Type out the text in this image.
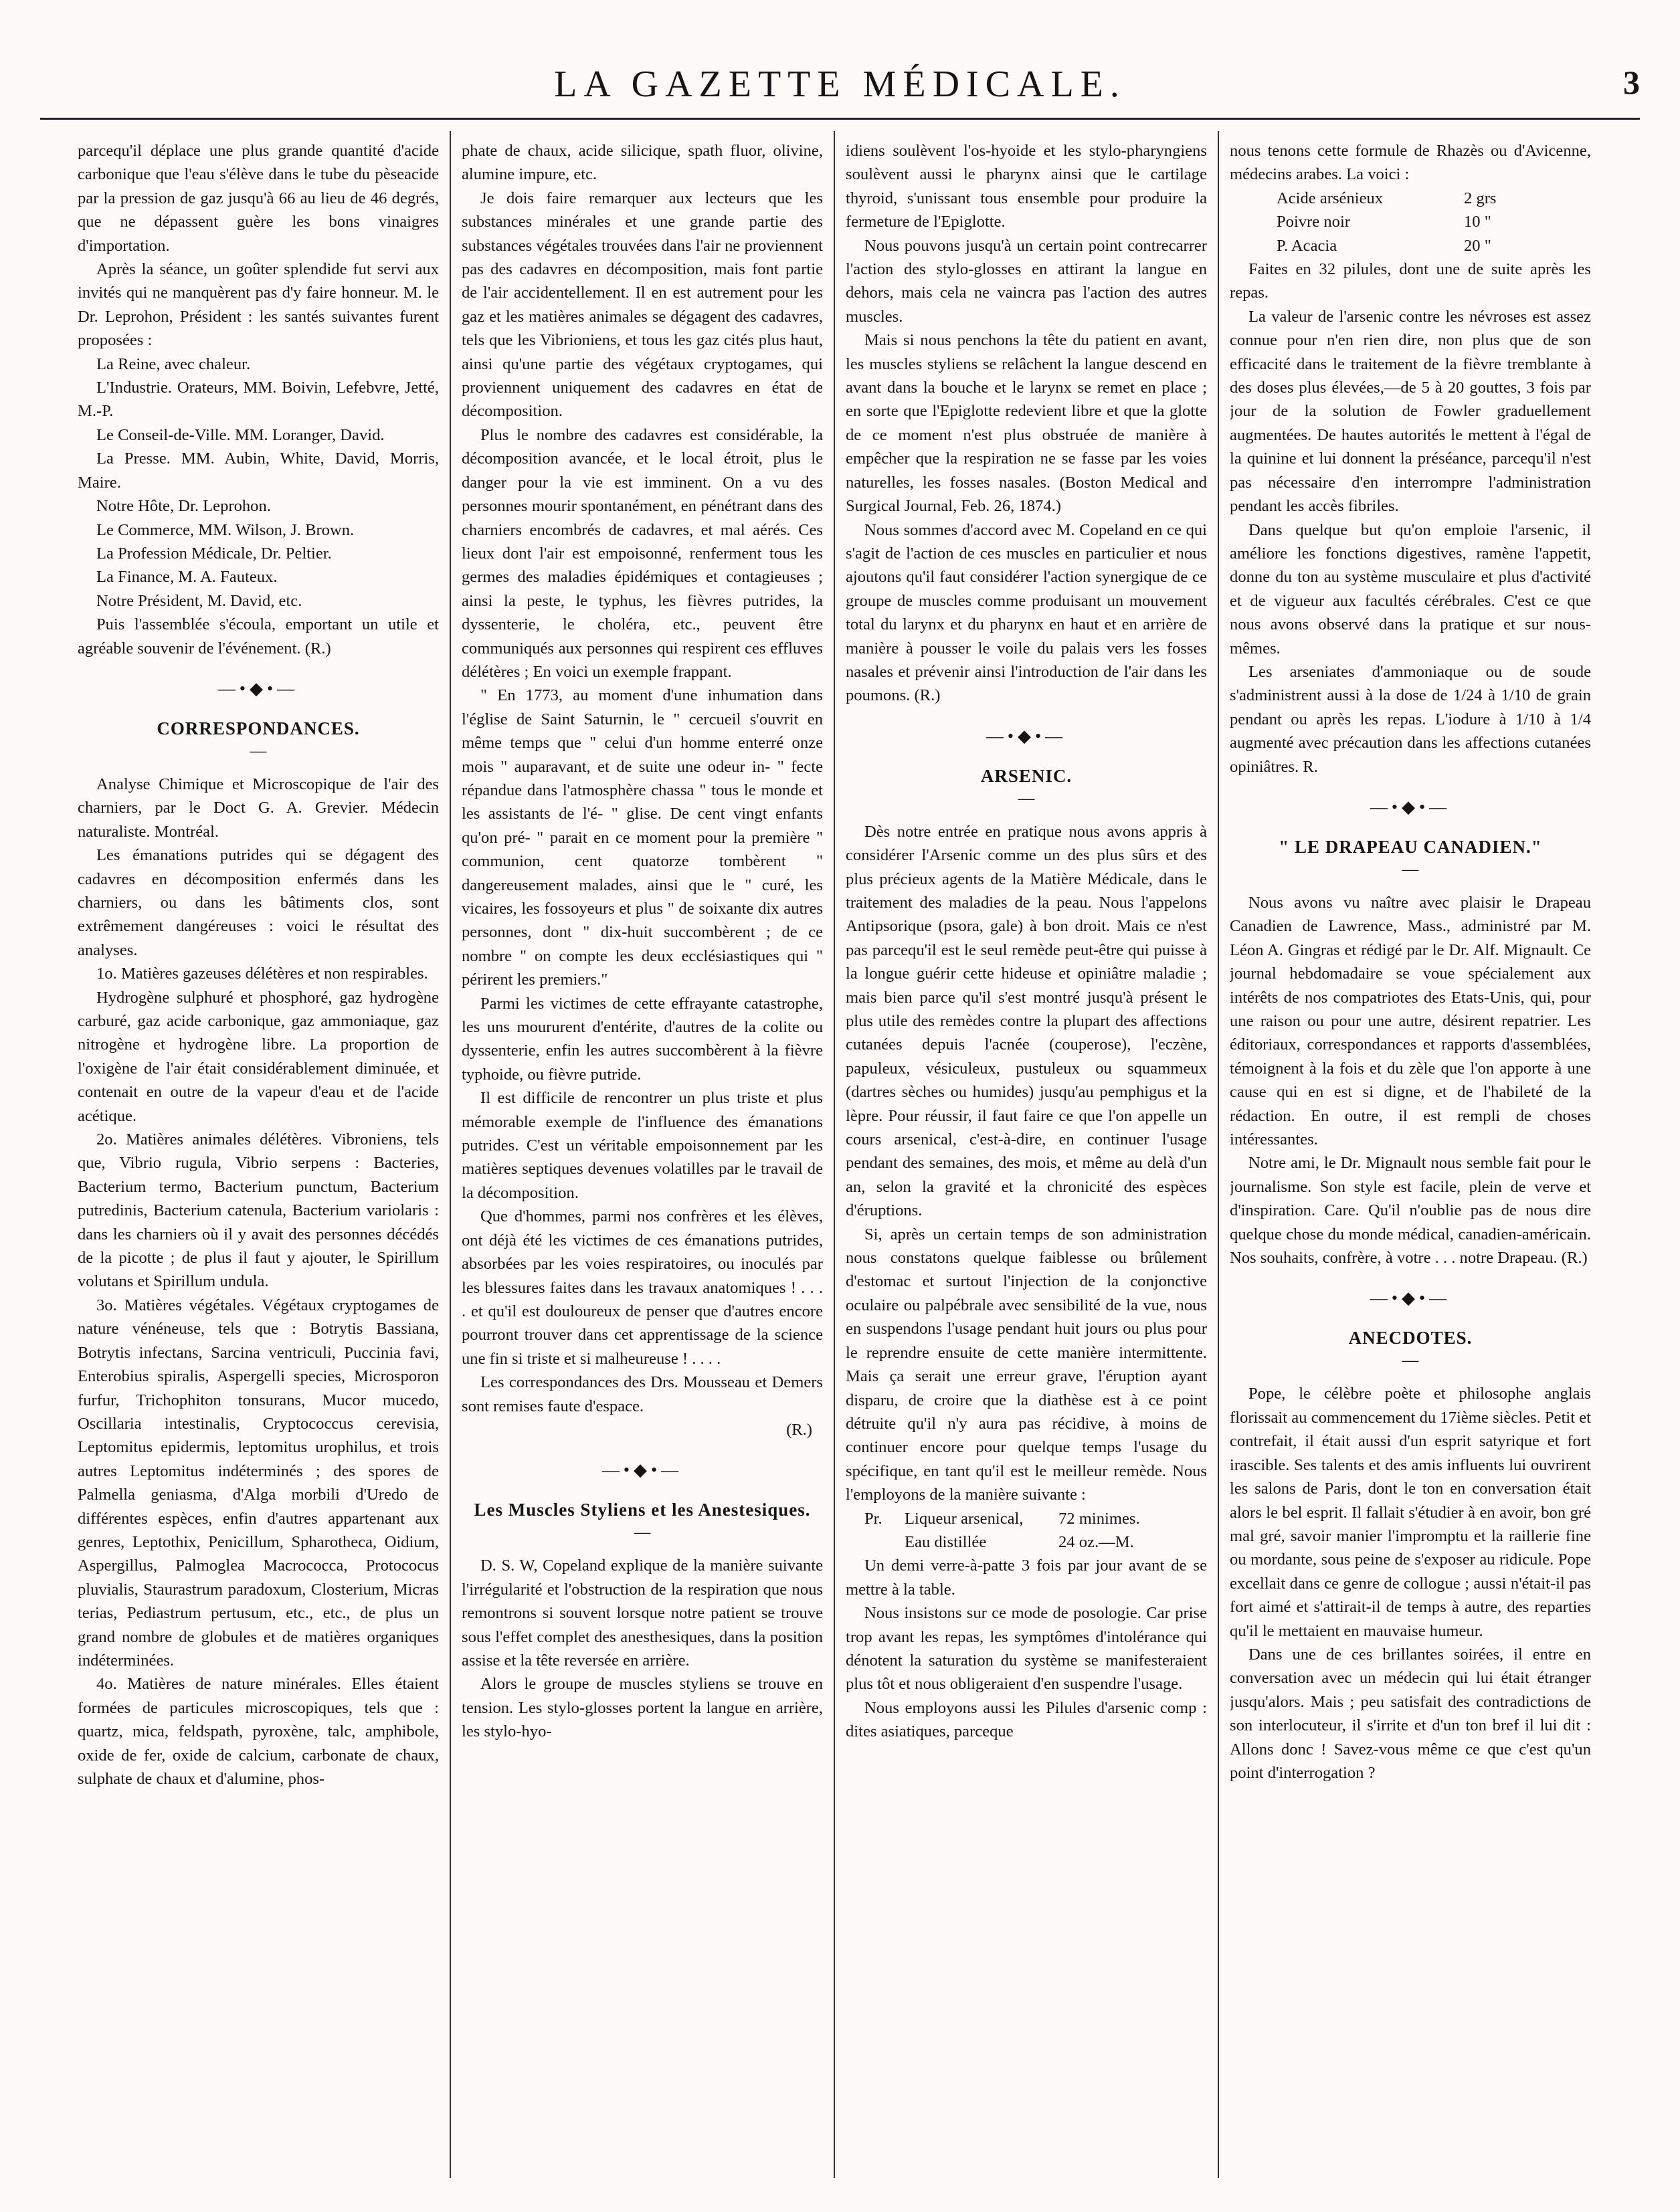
LA GAZETTE MÉDICALE.	3

parcequ'il déplace une plus grande quantité d'acide carbonique que l'eau s'élève dans le tube du pèseacide par la pression de gaz jusqu'à 66 au lieu de 46 degrés, que ne dépassent guère les bons vinaigres d'importation.

Après la séance, un goûter splendide fut servi aux invités qui ne manquèrent pas d'y faire honneur. M. le Dr. Leprohon, Président : les santés suivantes furent proposées :

La Reine, avec chaleur.

L'Industrie. Orateurs, MM. Boivin, Lefebvre, Jetté, M.-P.

Le Conseil-de-Ville. MM. Loranger, David.

La Presse. MM. Aubin, White, David, Morris, Maire.

Notre Hôte, Dr. Leprohon.

Le Commerce, MM. Wilson, J. Brown.

La Profession Médicale, Dr. Peltier.

La Finance, M. A. Fauteux.

Notre Président, M. David, etc.

Puis l'assemblée s'écoula, emportant un utile et agréable souvenir de l'événement. (R.)

—•◆•—
CORRESPONDANCES.
—

Analyse Chimique et Microscopique de l'air des charniers, par le Doct G. A. Grevier. Médecin naturaliste. Montréal.

Les émanations putrides qui se dégagent des cadavres en décomposition enfermés dans les charniers, ou dans les bâtiments clos, sont extrêmement dangéreuses : voici le résultat des analyses.

1o. Matières gazeuses délétères et non respirables.

Hydrogène sulphuré et phosphoré, gaz hydrogène carburé, gaz acide carbonique, gaz ammoniaque, gaz nitrogène et hydrogène libre. La proportion de l'oxigène de l'air était considérablement diminuée, et contenait en outre de la vapeur d'eau et de l'acide acétique.

2o. Matières animales délétères. Vibroniens, tels que, Vibrio rugula, Vibrio serpens : Bacteries, Bacterium termo, Bacterium punctum, Bacterium putredinis, Bacterium catenula, Bacterium variolaris : dans les charniers où il y avait des personnes décédés de la picotte ; de plus il faut y ajouter, le Spirillum volutans et Spirillum undula.

3o. Matières végétales. Végétaux cryptogames de nature vénéneuse, tels que : Botrytis Bassiana, Botrytis infectans, Sarcina ventriculi, Puccinia favi, Enterobius spiralis, Aspergelli species, Microsporon furfur, Trichophiton tonsurans, Mucor mucedo, Oscillaria intestinalis, Cryptococcus cerevisia, Leptomitus epidermis, leptomitus urophilus, et trois autres Leptomitus indéterminés ; des spores de Palmella geniasma, d'Alga morbili d'Uredo de différentes espèces, enfin d'autres appartenant aux genres, Leptothix, Penicillum, Spharotheca, Oidium, Aspergillus, Palmoglea Macrococca, Protococus pluvialis, Staurastrum paradoxum, Closterium, Micras terias, Pediastrum pertusum, etc., etc., de plus un grand nombre de globules et de matières organiques indéterminées.

4o. Matières de nature minérales. Elles étaient formées de particules microscopiques, tels que : quartz, mica, feldspath, pyroxène, talc, amphibole, oxide de fer, oxide de calcium, carbonate de chaux, sulphate de chaux et d'alumine, phos-

phate de chaux, acide silicique, spath fluor, olivine, alumine impure, etc.

Je dois faire remarquer aux lecteurs que les substances minérales et une grande partie des substances végétales trouvées dans l'air ne proviennent pas des cadavres en décomposition, mais font partie de l'air accidentellement. Il en est autrement pour les gaz et les matières animales se dégagent des cadavres, tels que les Vibrioniens, et tous les gaz cités plus haut, ainsi qu'une partie des végétaux cryptogames, qui proviennent uniquement des cadavres en état de décomposition.

Plus le nombre des cadavres est considérable, la décomposition avancée, et le local étroit, plus le danger pour la vie est imminent. On a vu des personnes mourir spontanément, en pénétrant dans des charniers encombrés de cadavres, et mal aérés. Ces lieux dont l'air est empoisonné, renferment tous les germes des maladies épidémiques et contagieuses ; ainsi la peste, le typhus, les fièvres putrides, la dyssenterie, le choléra, etc., peuvent être communiqués aux personnes qui respirent ces effluves délétères ; En voici un exemple frappant.

" En 1773, au moment d'une inhumation dans l'église de Saint Saturnin, le " cercueil s'ouvrit en même temps que " celui d'un homme enterré onze mois " auparavant, et de suite une odeur in- " fecte répandue dans l'atmosphère chassa " tous le monde et les assistants de l'é- " glise. De cent vingt enfants qu'on pré- " parait en ce moment pour la première " communion, cent quatorze tombèrent " dangereusement malades, ainsi que le " curé, les vicaires, les fossoyeurs et plus " de soixante dix autres personnes, dont " dix-huit succombèrent ; de ce nombre " on compte les deux ecclésiastiques qui " périrent les premiers."

Parmi les victimes de cette effrayante catastrophe, les uns moururent d'entérite, d'autres de la colite ou dyssenterie, enfin les autres succombèrent à la fièvre typhoide, ou fièvre putride.

Il est difficile de rencontrer un plus triste et plus mémorable exemple de l'influence des émanations putrides. C'est un véritable empoisonnement par les matières septiques devenues volatilles par le travail de la décomposition.

Que d'hommes, parmi nos confrères et les élèves, ont déjà été les victimes de ces émanations putrides, absorbées par les voies respiratoires, ou inoculés par les blessures faites dans les travaux anatomiques ! . . . . et qu'il est douloureux de penser que d'autres encore pourront trouver dans cet apprentissage de la science une fin si triste et si malheureuse ! . . . .

Les correspondances des Drs. Mousseau et Demers sont remises faute d'espace.

(R.)
—•◆•—
Les Muscles Styliens et les Anestesiques.
—

D. S. W, Copeland explique de la manière suivante l'irrégularité et l'obstruction de la respiration que nous remontrons si souvent lorsque notre patient se trouve sous l'effet complet des anesthesiques, dans la position assise et la tête reversée en arrière.

Alors le groupe de muscles styliens se trouve en tension. Les stylo-glosses portent la langue en arrière, les stylo-hyo-

idiens soulèvent l'os-hyoide et les stylo-pharyngiens soulèvent aussi le pharynx ainsi que le cartilage thyroid, s'unissant tous ensemble pour produire la fermeture de l'Epiglotte.

Nous pouvons jusqu'à un certain point contrecarrer l'action des stylo-glosses en attirant la langue en dehors, mais cela ne vaincra pas l'action des autres muscles.

Mais si nous penchons la tête du patient en avant, les muscles styliens se relâchent la langue descend en avant dans la bouche et le larynx se remet en place ; en sorte que l'Epiglotte redevient libre et que la glotte de ce moment n'est plus obstruée de manière à empêcher que la respiration ne se fasse par les voies naturelles, les fosses nasales. (Boston Medical and Surgical Journal, Feb. 26, 1874.)

Nous sommes d'accord avec M. Copeland en ce qui s'agit de l'action de ces muscles en particulier et nous ajoutons qu'il faut considérer l'action synergique de ce groupe de muscles comme produisant un mouvement total du larynx et du pharynx en haut et en arrière de manière à pousser le voile du palais vers les fosses nasales et prévenir ainsi l'introduction de l'air dans les poumons. (R.)

—•◆•—
ARSENIC.
—

Dès notre entrée en pratique nous avons appris à considérer l'Arsenic comme un des plus sûrs et des plus précieux agents de la Matière Médicale, dans le traitement des maladies de la peau. Nous l'appelons Antipsorique (psora, gale) à bon droit. Mais ce n'est pas parcequ'il est le seul remède peut-être qui puisse à la longue guérir cette hideuse et opiniâtre maladie ; mais bien parce qu'il s'est montré jusqu'à présent le plus utile des remèdes contre la plupart des affections cutanées depuis l'acnée (couperose), l'eczène, papuleux, vésiculeux, pustuleux ou squammeux (dartres sèches ou humides) jusqu'au pemphigus et la lèpre. Pour réussir, il faut faire ce que l'on appelle un cours arsenical, c'est-à-dire, en continuer l'usage pendant des semaines, des mois, et même au delà d'un an, selon la gravité et la chronicité des espèces d'éruptions.

Si, après un certain temps de son administration nous constatons quelque faiblesse ou brûlement d'estomac et surtout l'injection de la conjonctive oculaire ou palpébrale avec sensibilité de la vue, nous en suspendons l'usage pendant huit jours ou plus pour le reprendre ensuite de cette manière intermittente. Mais ça serait une erreur grave, l'éruption ayant disparu, de croire que la diathèse est à ce point détruite qu'il n'y aura pas récidive, à moins de continuer encore pour quelque temps l'usage du spécifique, en tant qu'il est le meilleur remède. Nous l'employons de la manière suivante :

Pr.	Liqueur arsenical,	72 minimes.
	Eau distillée	24 oz.—M.

Un demi verre-à-patte 3 fois par jour avant de se mettre à la table.

Nous insistons sur ce mode de posologie. Car prise trop avant les repas, les symptômes d'intolérance qui dénotent la saturation du système se manifesteraient plus tôt et nous obligeraient d'en suspendre l'usage.

Nous employons aussi les Pilules d'arsenic comp : dites asiatiques, parceque

nous tenons cette formule de Rhazès ou d'Avicenne, médecins arabes. La voici :

Acide arsénieux	2 grs
Poivre noir	10 "
P. Acacia	20 "

Faites en 32 pilules, dont une de suite après les repas.

La valeur de l'arsenic contre les névroses est assez connue pour n'en rien dire, non plus que de son efficacité dans le traitement de la fièvre tremblante à des doses plus élevées,—de 5 à 20 gouttes, 3 fois par jour de la solution de Fowler graduellement augmentées. De hautes autorités le mettent à l'égal de la quinine et lui donnent la préséance, parcequ'il n'est pas nécessaire d'en interrompre l'administration pendant les accès fibriles.

Dans quelque but qu'on emploie l'arsenic, il améliore les fonctions digestives, ramène l'appetit, donne du ton au système musculaire et plus d'activité et de vigueur aux facultés cérébrales. C'est ce que nous avons observé dans la pratique et sur nous-mêmes.

Les arseniates d'ammoniaque ou de soude s'administrent aussi à la dose de 1/24 à 1/10 de grain pendant ou après les repas. L'iodure à 1/10 à 1/4 augmenté avec précaution dans les affections cutanées opiniâtres. R.

—•◆•—
" LE DRAPEAU CANADIEN."
—

Nous avons vu naître avec plaisir le Drapeau Canadien de Lawrence, Mass., administré par M. Léon A. Gingras et rédigé par le Dr. Alf. Mignault. Ce journal hebdomadaire se voue spécialement aux intérêts de nos compatriotes des Etats-Unis, qui, pour une raison ou pour une autre, désirent repatrier. Les éditoriaux, correspondances et rapports d'assemblées, témoignent à la fois et du zèle que l'on apporte à une cause qui en est si digne, et de l'habileté de la rédaction. En outre, il est rempli de choses intéressantes.

Notre ami, le Dr. Mignault nous semble fait pour le journalisme. Son style est facile, plein de verve et d'inspiration. Care. Qu'il n'oublie pas de nous dire quelque chose du monde médical, canadien-américain. Nos souhaits, confrère, à votre . . . notre Drapeau. (R.)

—•◆•—
ANECDOTES.
—

Pope, le célèbre poète et philosophe anglais florissait au commencement du 17ième siècles. Petit et contrefait, il était aussi d'un esprit satyrique et fort irascible. Ses talents et des amis influents lui ouvrirent les salons de Paris, dont le ton en conversation était alors le bel esprit. Il fallait s'étudier à en avoir, bon gré mal gré, savoir manier l'impromptu et la raillerie fine ou mordante, sous peine de s'exposer au ridicule. Pope excellait dans ce genre de collogue ; aussi n'était-il pas fort aimé et s'attirait-il de temps à autre, des reparties qu'il le mettaient en mauvaise humeur.

Dans une de ces brillantes soirées, il entre en conversation avec un médecin qui lui était étranger jusqu'alors. Mais ; peu satisfait des contradictions de son interlocuteur, il s'irrite et d'un ton bref il lui dit : Allons donc ! Savez-vous même ce que c'est qu'un point d'interrogation ?
